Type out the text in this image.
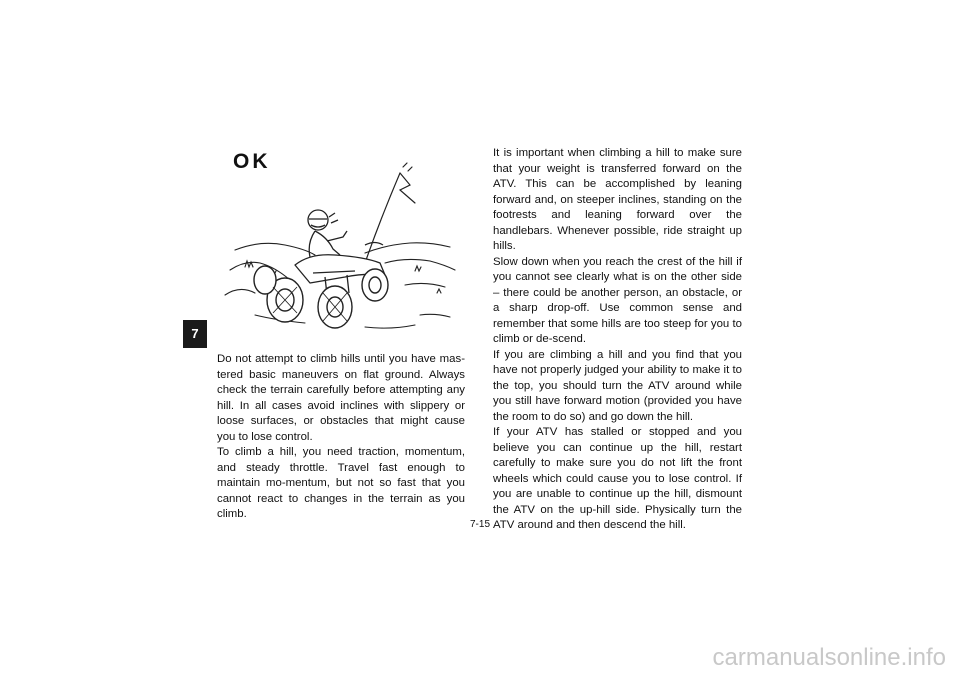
7
OK

Do not attempt to climb hills until you have mas-tered basic maneuvers on flat ground. Always check the terrain carefully before attempting any hill. In all cases avoid inclines with slippery or loose surfaces, or obstacles that might cause you to lose control.

To climb a hill, you need traction, momentum, and steady throttle. Travel fast enough to maintain mo-mentum, but not so fast that you cannot react to changes in the terrain as you climb.

It is important when climbing a hill to make sure that your weight is transferred forward on the ATV. This can be accomplished by leaning forward and, on steeper inclines, standing on the footrests and leaning forward over the handlebars. Whenever possible, ride straight up hills.

Slow down when you reach the crest of the hill if you cannot see clearly what is on the other side – there could be another person, an obstacle, or a sharp drop-off. Use common sense and remember that some hills are too steep for you to climb or de-scend.

If you are climbing a hill and you find that you have not properly judged your ability to make it to the top, you should turn the ATV around while you still have forward motion (provided you have the room to do so) and go down the hill.

If your ATV has stalled or stopped and you believe you can continue up the hill, restart carefully to make sure you do not lift the front wheels which could cause you to lose control. If you are unable to continue up the hill, dismount the ATV on the up-hill side. Physically turn the ATV around and then descend the hill.

7-15
carmanualsonline.info
